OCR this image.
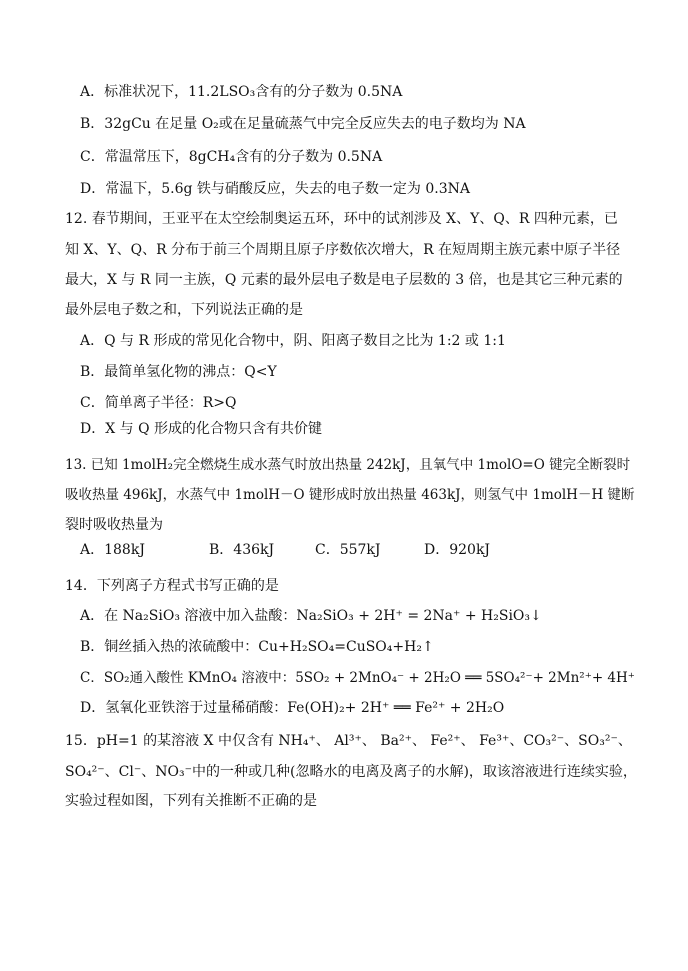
A．标准状况下，11.2LSO₃含有的分子数为 0.5NA
B．32gCu 在足量 O₂或在足量硫蒸气中完全反应失去的电子数均为 NA
C．常温常压下，8gCH₄含有的分子数为 0.5NA
D．常温下，5.6g 铁与硝酸反应，失去的电子数一定为 0.3NA
12. 春节期间，王亚平在太空绘制奥运五环，环中的试剂涉及 X、Y、Q、R 四种元素，已
知 X、Y、Q、R 分布于前三个周期且原子序数依次增大，R 在短周期主族元素中原子半径
最大，X 与 R 同一主族，Q 元素的最外层电子数是电子层数的 3 倍，也是其它三种元素的
最外层电子数之和，下列说法正确的是
A．Q 与 R 形成的常见化合物中，阴、阳离子数目之比为 1:2 或 1:1
B．最简单氢化物的沸点：Q<Y
C．简单离子半径：R>Q
D．X 与 Q 形成的化合物只含有共价键
13. 已知 1molH₂完全燃烧生成水蒸气时放出热量 242kJ，且氧气中 1molO=O 键完全断裂时
吸收热量 496kJ，水蒸气中 1molH－O 键形成时放出热量 463kJ，则氢气中 1molH－H 键断
裂时吸收热量为
A．188kJ	B．436kJ	C．557kJ	D．920kJ
14．下列离子方程式书写正确的是
A．在 Na₂SiO₃ 溶液中加入盐酸：Na₂SiO₃ + 2H⁺ = 2Na⁺ + H₂SiO₃↓
B．铜丝插入热的浓硫酸中：Cu+H₂SO₄=CuSO₄+H₂↑
C．SO₂通入酸性 KMnO₄ 溶液中：5SO₂ + 2MnO₄⁻ + 2H₂O ══ 5SO₄²⁻+ 2Mn²⁺+ 4H⁺
D．氢氧化亚铁溶于过量稀硝酸：Fe(OH)₂+ 2H⁺ ══ Fe²⁺ + 2H₂O
15．pH=1 的某溶液 X 中仅含有 NH₄⁺、 Al³⁺、 Ba²⁺、 Fe²⁺、 Fe³⁺、CO₃²⁻、SO₃²⁻、
SO₄²⁻、Cl⁻、NO₃⁻中的一种或几种(忽略水的电离及离子的水解)，取该溶液进行连续实验，
实验过程如图，下列有关推断不正确的是
